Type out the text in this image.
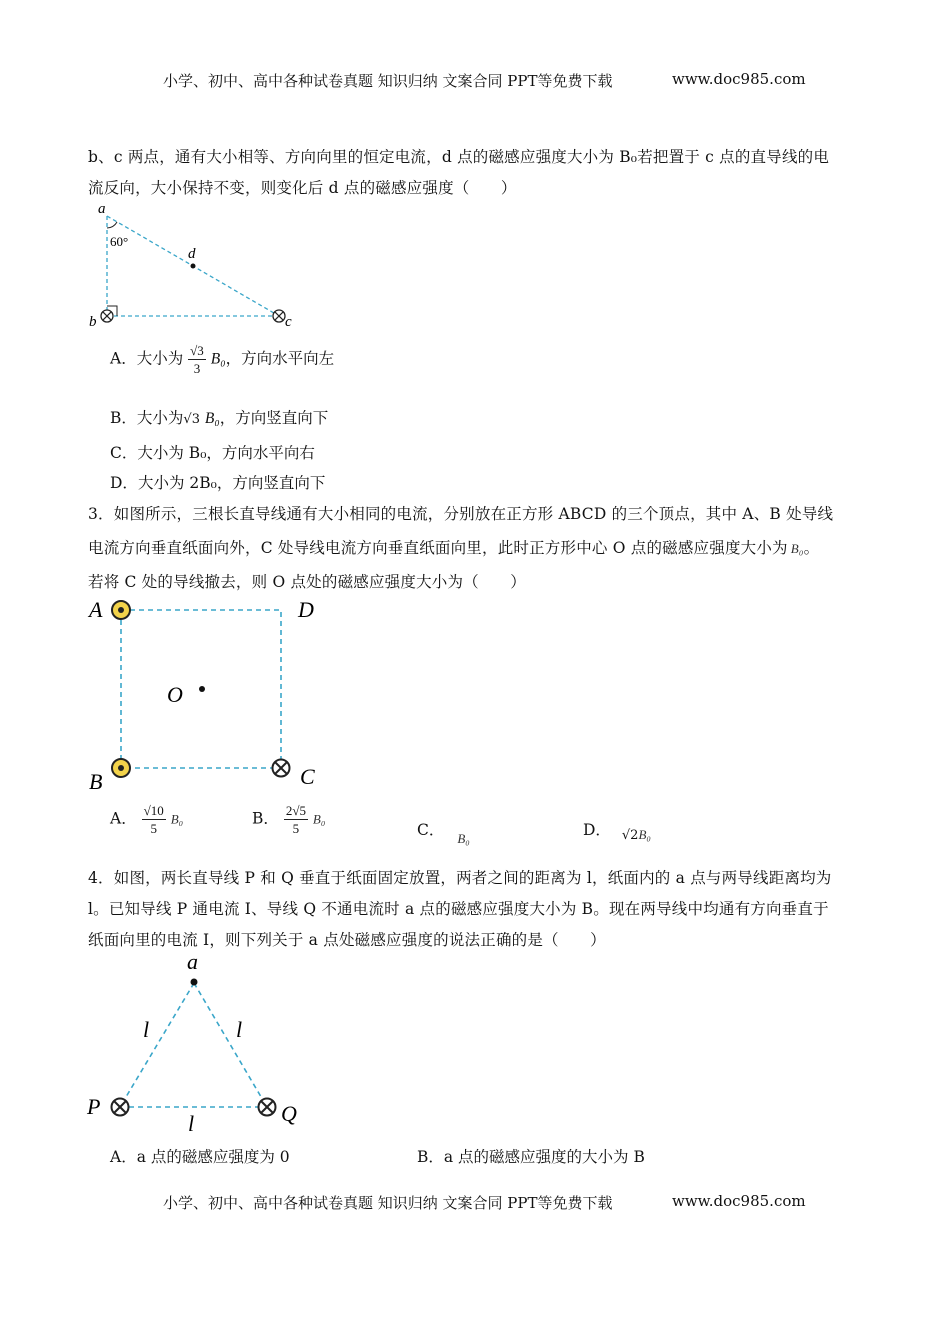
小学、初中、高中各种试卷真题 知识归纳 文案合同 PPT等免费下载	www.doc985.com
b、c 两点，通有大小相等、方向向里的恒定电流，d 点的磁感应强度大小为 B₀若把置于 c 点的直导线的电
流反向，大小保持不变，则变化后 d 点的磁感应强度（　　）
a
60°
d
b	c
A．大小为 $\frac{√3}{3} B_0$，方向水平向左
B．大小为√3 B₀，方向竖直向下
C．大小为 B₀，方向水平向右
D．大小为 2B₀，方向竖直向下
3．如图所示，三根长直导线通有大小相同的电流，分别放在正方形 ABCD 的三个顶点，其中 A、B 处导线
电流方向垂直纸面向外，C 处导线电流方向垂直纸面向里，此时正方形中心 O 点的磁感应强度大小为 B₀。
若将 C 处的导线撤去，则 O 点处的磁感应强度大小为（　　）
A	D
O
B	C
A． $\frac{√10}{5} B_0$	B． $\frac{2√5}{5} B_0$
C． $_{B_0}$	D． $_{√2B_0}$
4．如图，两长直导线 P 和 Q 垂直于纸面固定放置，两者之间的距离为 l，纸面内的 a 点与两导线距离均为
l。已知导线 P 通电流 I、导线 Q 不通电流时 a 点的磁感应强度大小为 B。现在两导线中均通有方向垂直于
纸面向里的电流 I，则下列关于 a 点处磁感应强度的说法正确的是（　　）
a
l	l
l
P	Q
A．a 点的磁感应强度为 0	B．a 点的磁感应强度的大小为 B
小学、初中、高中各种试卷真题 知识归纳 文案合同 PPT等免费下载	www.doc985.com
